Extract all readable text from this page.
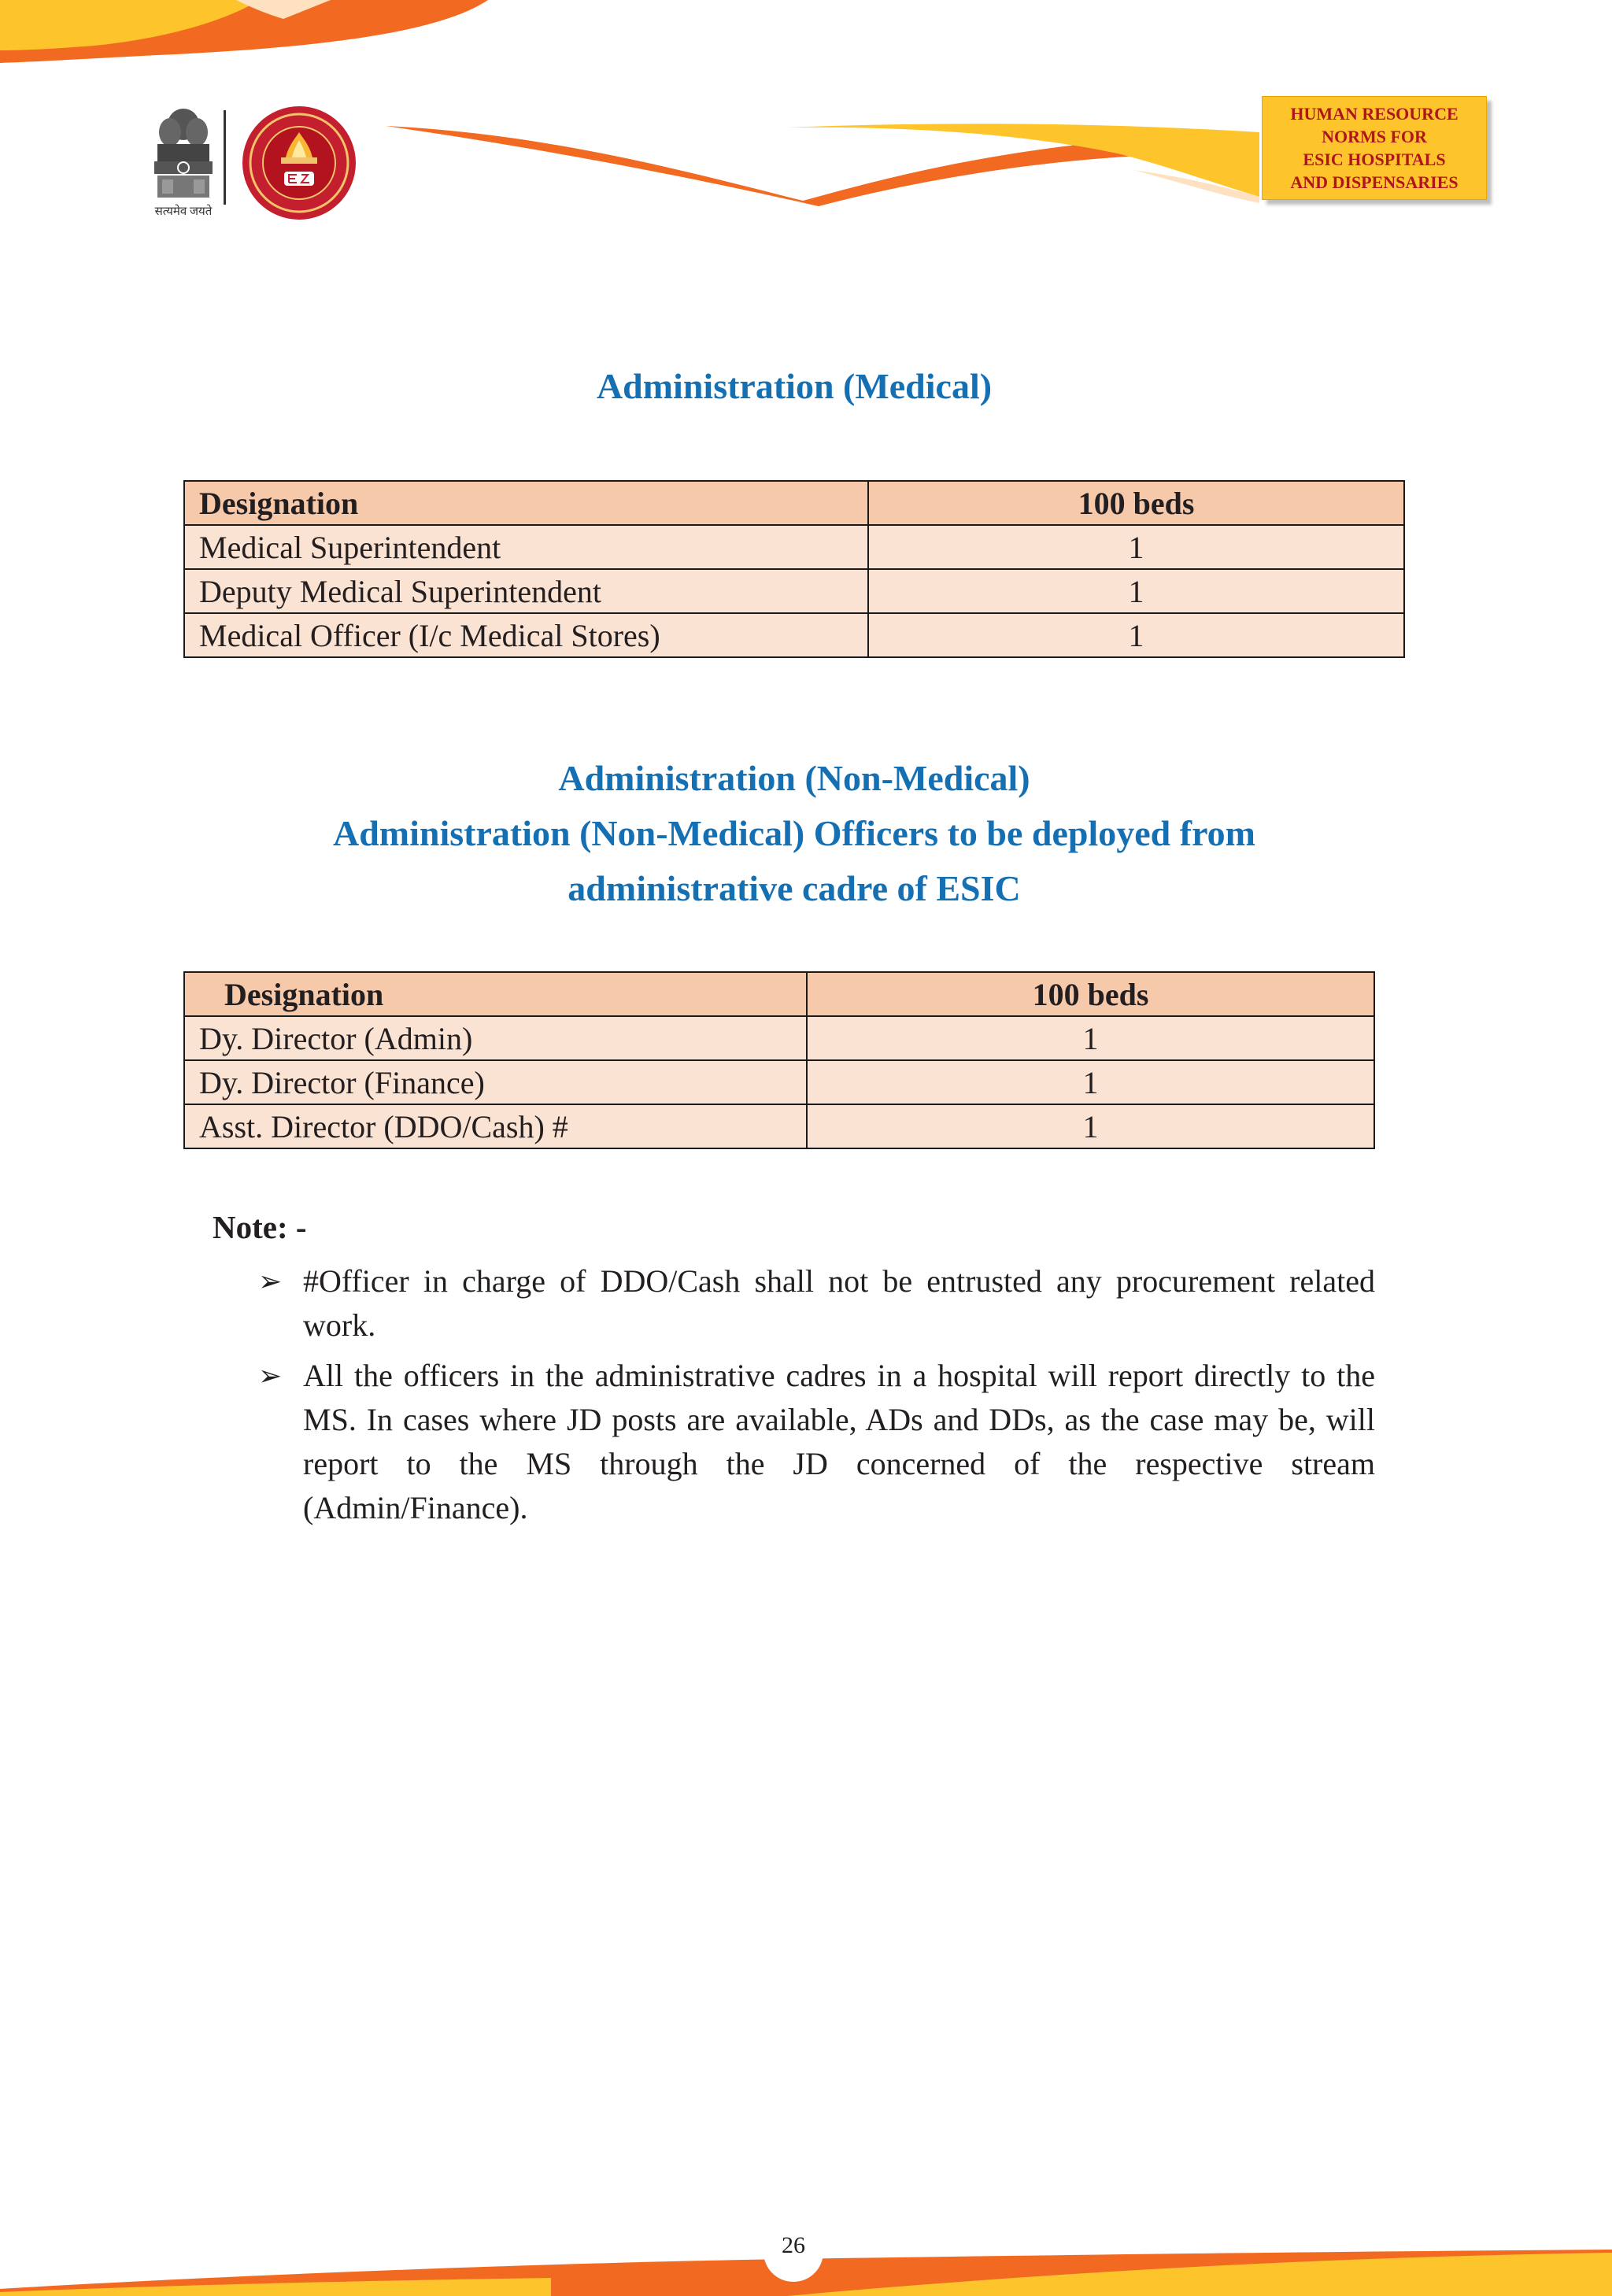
सत्यमेव जयते

HUMAN RESOURCE
NORMS FOR
ESIC HOSPITALS
AND DISPENSARIES

Administration (Medical)
Designation	100 beds
Medical Superintendent	1
Deputy Medical Superintendent	1
Medical Officer (I/c Medical Stores)	1
Administration (Non-Medical)
Administration (Non-Medical) Officers to be deployed from
administrative cadre of ESIC
Designation	100 beds
Dy. Director (Admin)	1
Dy. Director (Finance)	1
Asst. Director (DDO/Cash) #	1
Note: -
➢ #Officer in charge of DDO/Cash shall not be entrusted any procurement related work.
➢ All the officers in the administrative cadres in a hospital will report directly to the MS. In cases where JD posts are available, ADs and DDs, as the case may be, will report to the MS through the JD concerned of the respective stream (Admin/Finance).
26
